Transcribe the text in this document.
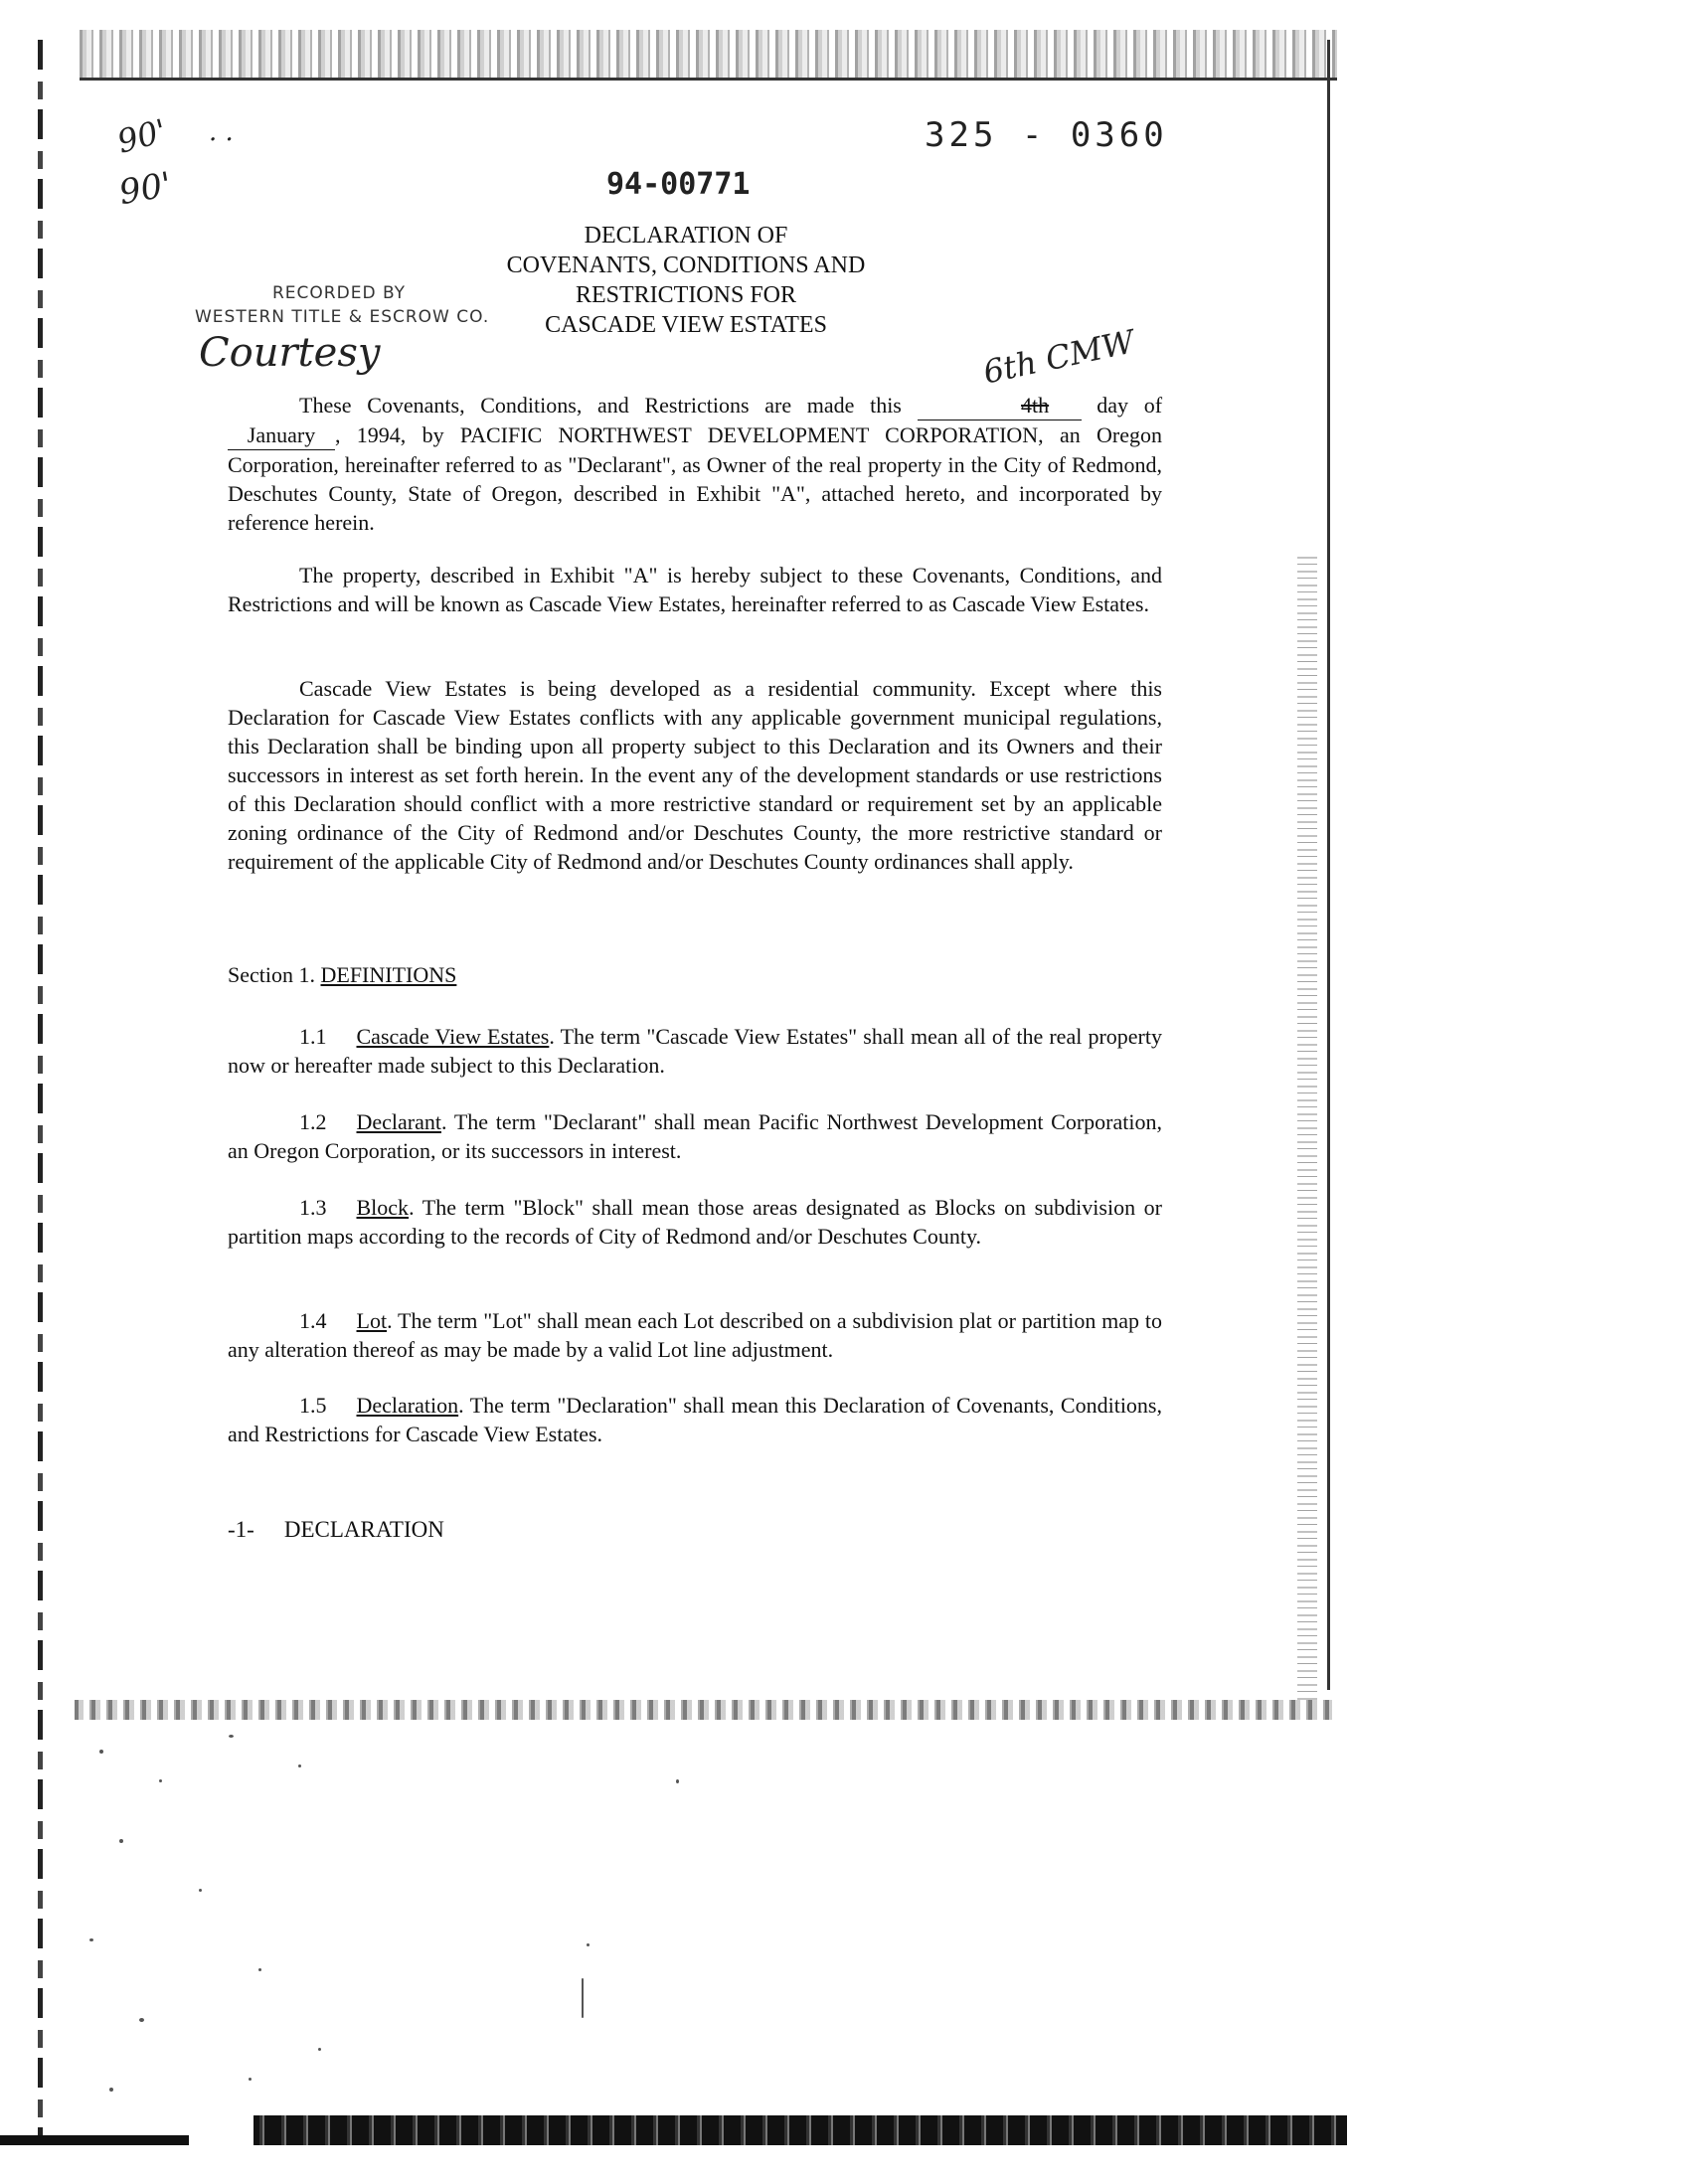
325 - 0360
94-00771
DECLARATION OF
COVENANTS, CONDITIONS AND
RESTRICTIONS FOR
CASCADE VIEW ESTATES
RECORDED BY
WESTERN TITLE & ESCROW CO.
Courtesy	6th CMW
90'
90'
· ·
These Covenants, Conditions, and Restrictions are made this	4th day of January , 1994, by PACIFIC NORTHWEST DEVELOPMENT CORPORATION, an Oregon Corporation, hereinafter referred to as "Declarant", as Owner of the real property in the City of Redmond, Deschutes County, State of Oregon, described in Exhibit "A", attached hereto, and incorporated by reference herein.
The property, described in Exhibit "A" is hereby subject to these Covenants, Conditions, and Restrictions and will be known as Cascade View Estates, hereinafter referred to as Cascade View Estates.
Cascade View Estates is being developed as a residential community. Except where this Declaration for Cascade View Estates conflicts with any applicable government municipal regulations, this Declaration shall be binding upon all property subject to this Declaration and its Owners and their successors in interest as set forth herein. In the event any of the development standards or use restrictions of this Declaration should conflict with a more restrictive standard or requirement set by an applicable zoning ordinance of the City of Redmond and/or Deschutes County, the more restrictive standard or requirement of the applicable City of Redmond and/or Deschutes County ordinances shall apply.
Section 1. DEFINITIONS
1.1 Cascade View Estates. The term "Cascade View Estates" shall mean all of the real property now or hereafter made subject to this Declaration.
1.2 Declarant. The term "Declarant" shall mean Pacific Northwest Development Corporation, an Oregon Corporation, or its successors in interest.
1.3 Block. The term "Block" shall mean those areas designated as Blocks on subdivision or partition maps according to the records of City of Redmond and/or Deschutes County.
1.4 Lot. The term "Lot" shall mean each Lot described on a subdivision plat or partition map to any alteration thereof as may be made by a valid Lot line adjustment.
1.5 Declaration. The term "Declaration" shall mean this Declaration of Covenants, Conditions, and Restrictions for Cascade View Estates.
-1- DECLARATION
